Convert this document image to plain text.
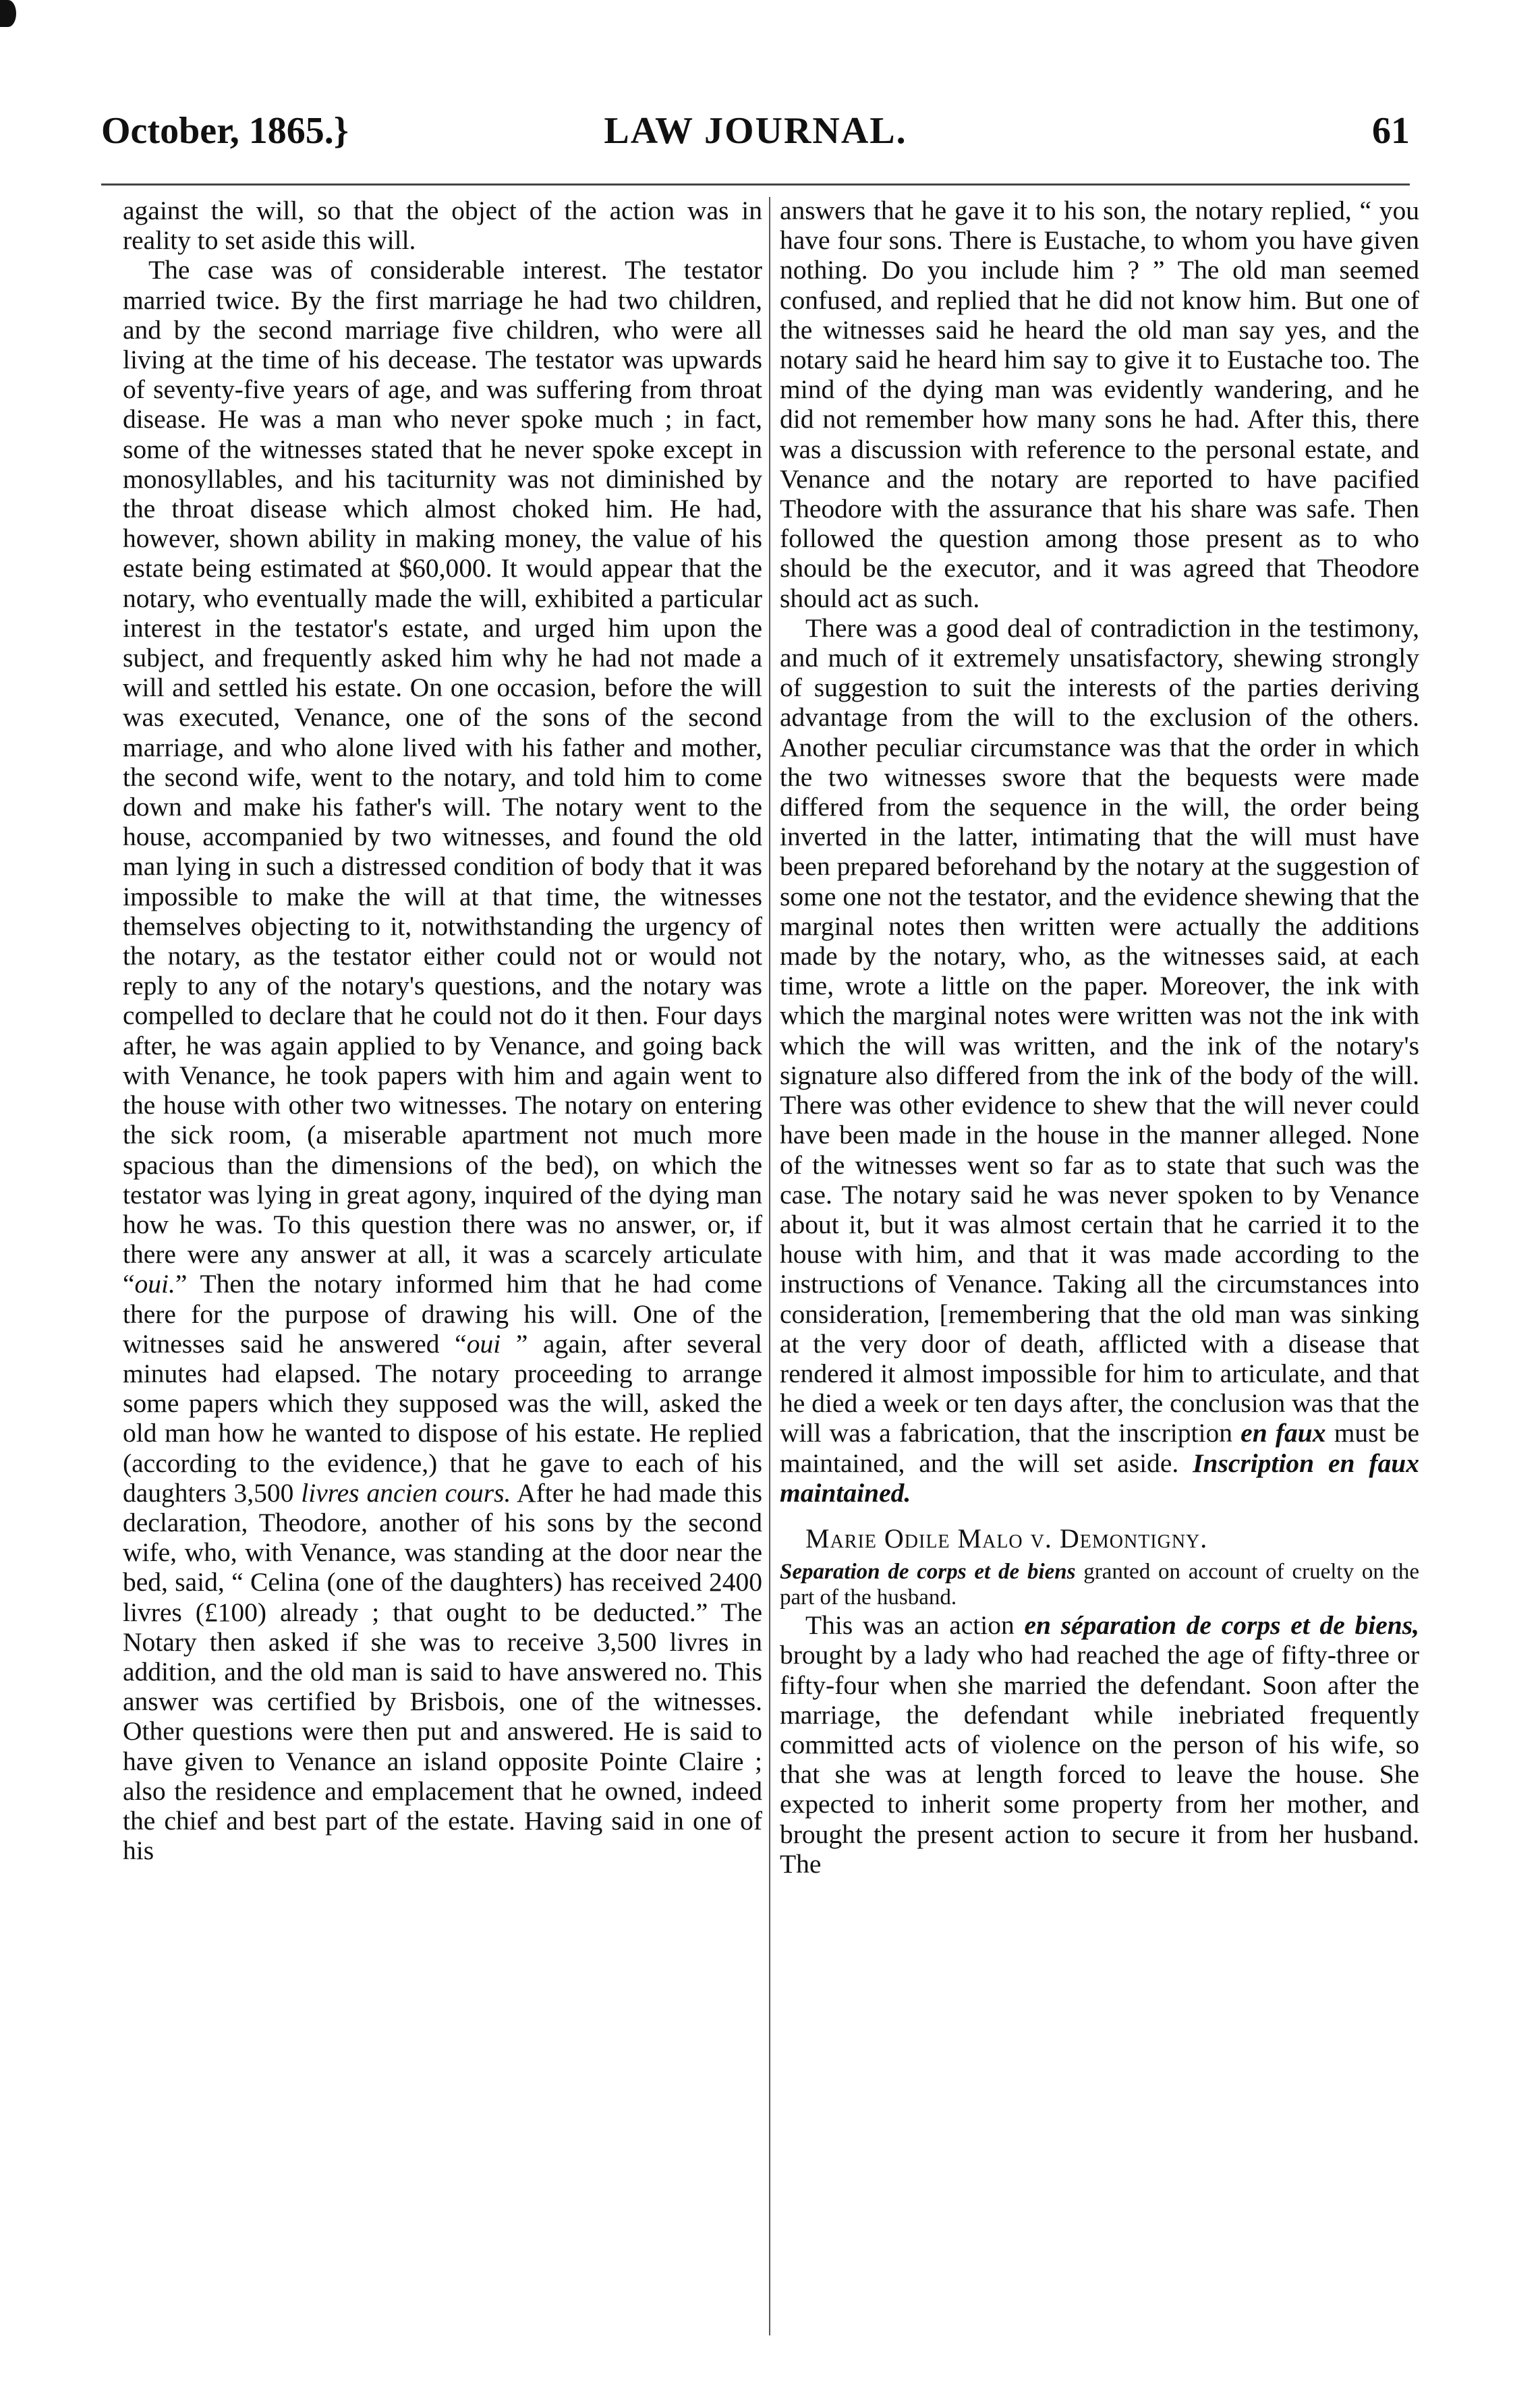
October, 1865.}	LAW JOURNAL.	61

against the will, so that the object of the action was in reality to set aside this will.

The case was of considerable interest. The testator married twice. By the first marriage he had two children, and by the second marriage five children, who were all living at the time of his decease. The testator was upwards of seventy-five years of age, and was suffering from throat disease. He was a man who never spoke much ; in fact, some of the witnesses stated that he never spoke except in monosyllables, and his taciturnity was not diminished by the throat disease which almost choked him. He had, however, shown ability in making money, the value of his estate being estimated at $60,000. It would appear that the notary, who eventually made the will, exhibited a particular interest in the testator's estate, and urged him upon the subject, and frequently asked him why he had not made a will and settled his estate. On one occasion, before the will was executed, Venance, one of the sons of the second marriage, and who alone lived with his father and mother, the second wife, went to the notary, and told him to come down and make his father's will. The notary went to the house, accompanied by two witnesses, and found the old man lying in such a distressed condition of body that it was impossible to make the will at that time, the witnesses themselves objecting to it, notwithstanding the urgency of the notary, as the testator either could not or would not reply to any of the notary's questions, and the notary was compelled to declare that he could not do it then. Four days after, he was again applied to by Venance, and going back with Venance, he took papers with him and again went to the house with other two witnesses. The notary on entering the sick room, (a miserable apartment not much more spacious than the dimensions of the bed), on which the testator was lying in great agony, inquired of the dying man how he was. To this question there was no answer, or, if there were any answer at all, it was a scarcely articulate “oui.” Then the notary informed him that he had come there for the purpose of drawing his will. One of the witnesses said he answered “oui ” again, after several minutes had elapsed. The notary proceeding to arrange some papers which they supposed was the will, asked the old man how he wanted to dispose of his estate. He replied (according to the evidence,) that he gave to each of his daughters 3,500 livres ancien cours. After he had made this declaration, Theodore, another of his sons by the second wife, who, with Venance, was standing at the door near the bed, said, “ Celina (one of the daughters) has received 2400 livres (£100) already ; that ought to be deducted.” The Notary then asked if she was to receive 3,500 livres in addition, and the old man is said to have answered no. This answer was certified by Brisbois, one of the witnesses. Other questions were then put and answered. He is said to have given to Venance an island opposite Pointe Claire ; also the residence and emplacement that he owned, indeed the chief and best part of the estate. Having said in one of his

answers that he gave it to his son, the notary replied, “ you have four sons. There is Eustache, to whom you have given nothing. Do you include him ? ” The old man seemed confused, and replied that he did not know him. But one of the witnesses said he heard the old man say yes, and the notary said he heard him say to give it to Eustache too. The mind of the dying man was evidently wandering, and he did not remember how many sons he had. After this, there was a discussion with reference to the personal estate, and Venance and the notary are reported to have pacified Theodore with the assurance that his share was safe. Then followed the question among those present as to who should be the executor, and it was agreed that Theodore should act as such.

There was a good deal of contradiction in the testimony, and much of it extremely unsatisfactory, shewing strongly of suggestion to suit the interests of the parties deriving advantage from the will to the exclusion of the others. Another peculiar circumstance was that the order in which the two witnesses swore that the bequests were made differed from the sequence in the will, the order being inverted in the latter, intimating that the will must have been prepared beforehand by the notary at the suggestion of some one not the testator, and the evidence shewing that the marginal notes then written were actually the additions made by the notary, who, as the witnesses said, at each time, wrote a little on the paper. Moreover, the ink with which the marginal notes were written was not the ink with which the will was written, and the ink of the notary's signature also differed from the ink of the body of the will. There was other evidence to shew that the will never could have been made in the house in the manner alleged. None of the witnesses went so far as to state that such was the case. The notary said he was never spoken to by Venance about it, but it was almost certain that he carried it to the house with him, and that it was made according to the instructions of Venance. Taking all the circumstances into consideration, [remembering that the old man was sinking at the very door of death, afflicted with a disease that rendered it almost impossible for him to articulate, and that he died a week or ten days after, the conclusion was that the will was a fabrication, that the inscription en faux must be maintained, and the will set aside. Inscription en faux maintained.

Marie Odile Malo v. Demontigny.

Separation de corps et de biens granted on account of cruelty on the part of the husband.

This was an action en séparation de corps et de biens, brought by a lady who had reached the age of fifty-three or fifty-four when she married the defendant. Soon after the marriage, the defendant while inebriated frequently committed acts of violence on the person of his wife, so that she was at length forced to leave the house. She expected to inherit some property from her mother, and brought the present action to secure it from her husband. The
